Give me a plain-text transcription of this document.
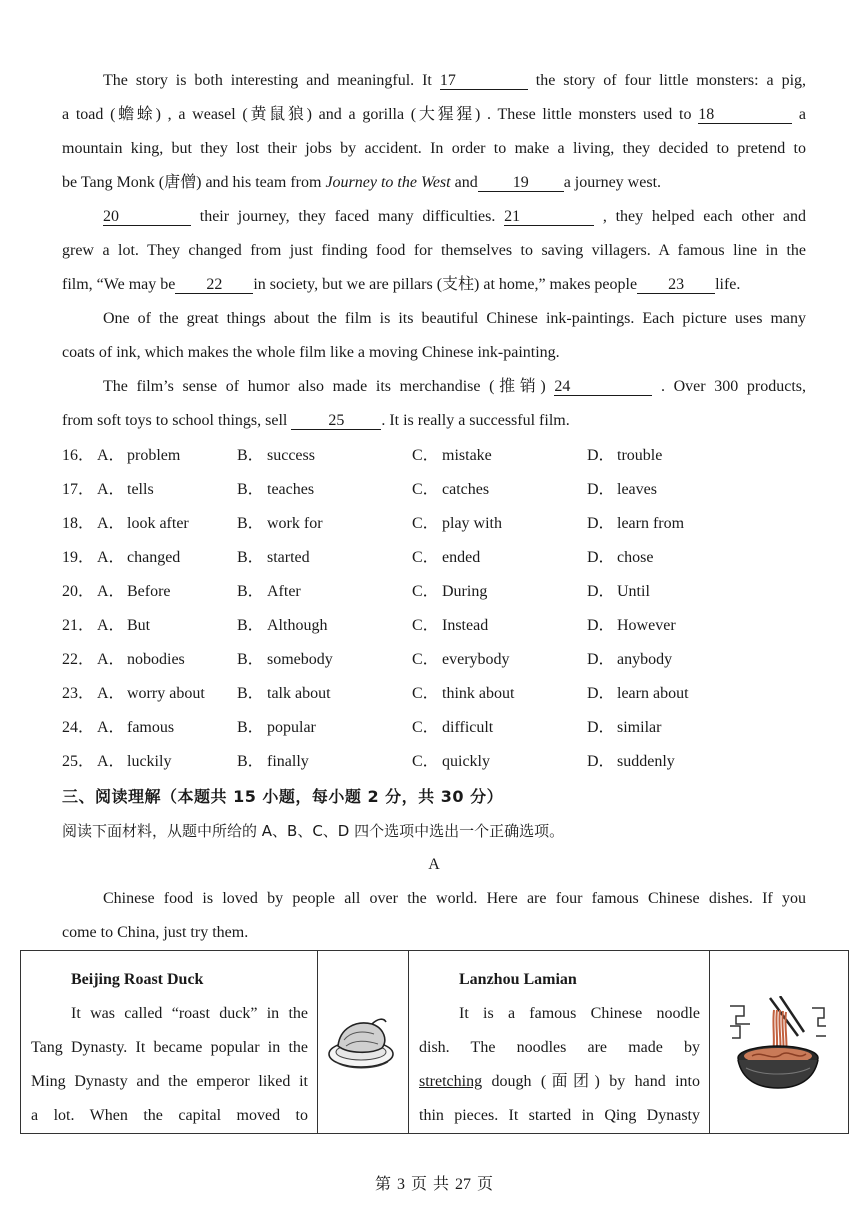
The story is both interesting and meaningful. It 17	the story of four little monsters: a pig,
a toad (蟾蜍) , a weasel (黄鼠狼) and a gorilla (大猩猩) . These little monsters used to 18	a
mountain king, but they lost their jobs by accident. In order to make a living, they decided to pretend to
be Tang Monk (唐僧) and his team from Journey to the West and 19 a journey west.
20	their journey, they faced many difficulties. 21	, they helped each other and
grew a lot. They changed from just finding food for themselves to saving villagers. A famous line in the
film, “We may be 22 in society, but we are pillars (支柱) at home,” makes people 23 life.
One of the great things about the film is its beautiful Chinese ink-paintings. Each picture uses many
coats of ink, which makes the whole film like a moving Chinese ink-painting.
The film’s sense of humor also made its merchandise (推销) 24	. Over 300 products,
from soft toys to school things, sell	25 . It is really a successful film.
16． A． problem	B． success	C． mistake	D． trouble
17． A． tells	B． teaches	C． catches	D． leaves
18． A． look after	B． work for	C． play with	D． learn from
19． A． changed	B． started	C． ended	D． chose
20． A． Before	B． After	C． During	D． Until
21． A． But	B． Although	C． Instead	D． However
22． A． nobodies	B． somebody	C． everybody	D． anybody
23． A． worry about B． talk about	C． think about	D． learn about
24． A． famous	B． popular	C． difficult	D． similar
25． A． luckily	B． finally	C． quickly	D． suddenly
三、阅读理解（本题共 15 小题，每小题 2 分，共 30 分）
阅读下面材料，从题中所给的 A、B、C、D 四个选项中选出一个正确选项。
A
Chinese food is loved by people all over the world. Here are four famous Chinese dishes. If you
come to China, just try them.
Beijing Roast Duck
It was called “roast duck” in the
Tang Dynasty. It became popular in the
Ming Dynasty and the emperor liked it
a lot. When the capital moved to

Lanzhou Lamian
It is a famous Chinese noodle
dish. The noodles are made by
stretching dough (面团) by hand into
thin pieces. It started in Qing Dynasty

第 3 页 共 27 页
